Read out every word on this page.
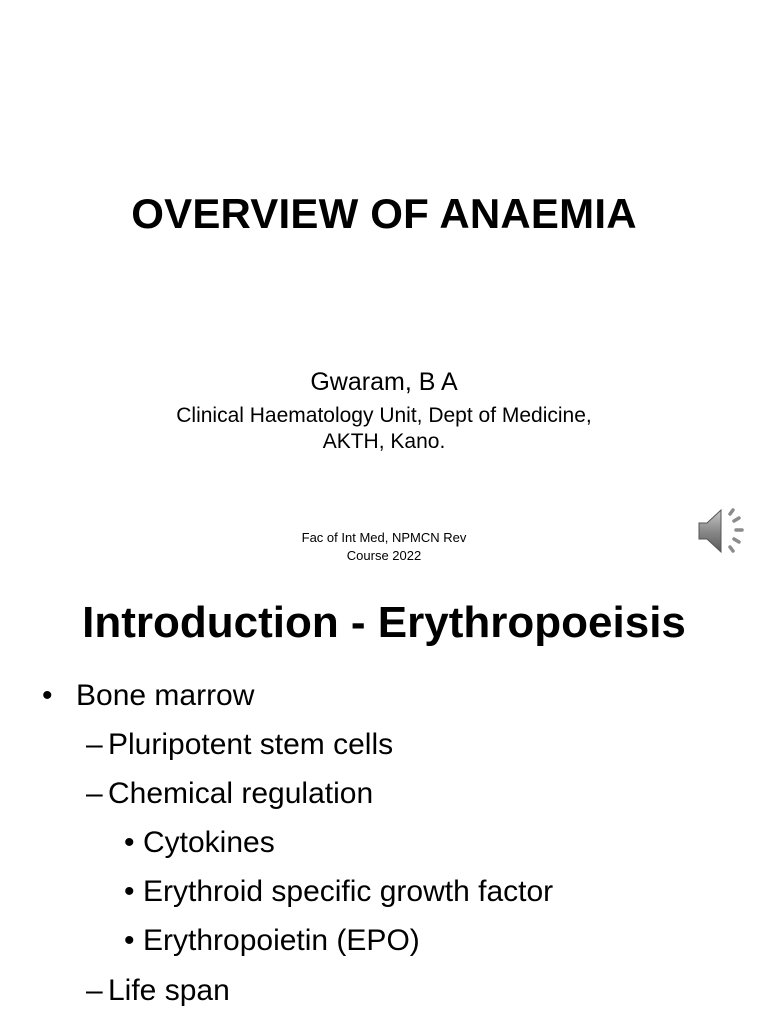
OVERVIEW OF ANAEMIA
Gwaram, B A
Clinical Haematology Unit, Dept of Medicine,
AKTH, Kano.
Fac of Int Med, NPMCN Rev
Course 2022
Introduction - Erythropoeisis
• Bone marrow
– Pluripotent stem cells
– Chemical regulation
• Cytokines
• Erythroid specific growth factor
• Erythropoietin (EPO)
– Life span
